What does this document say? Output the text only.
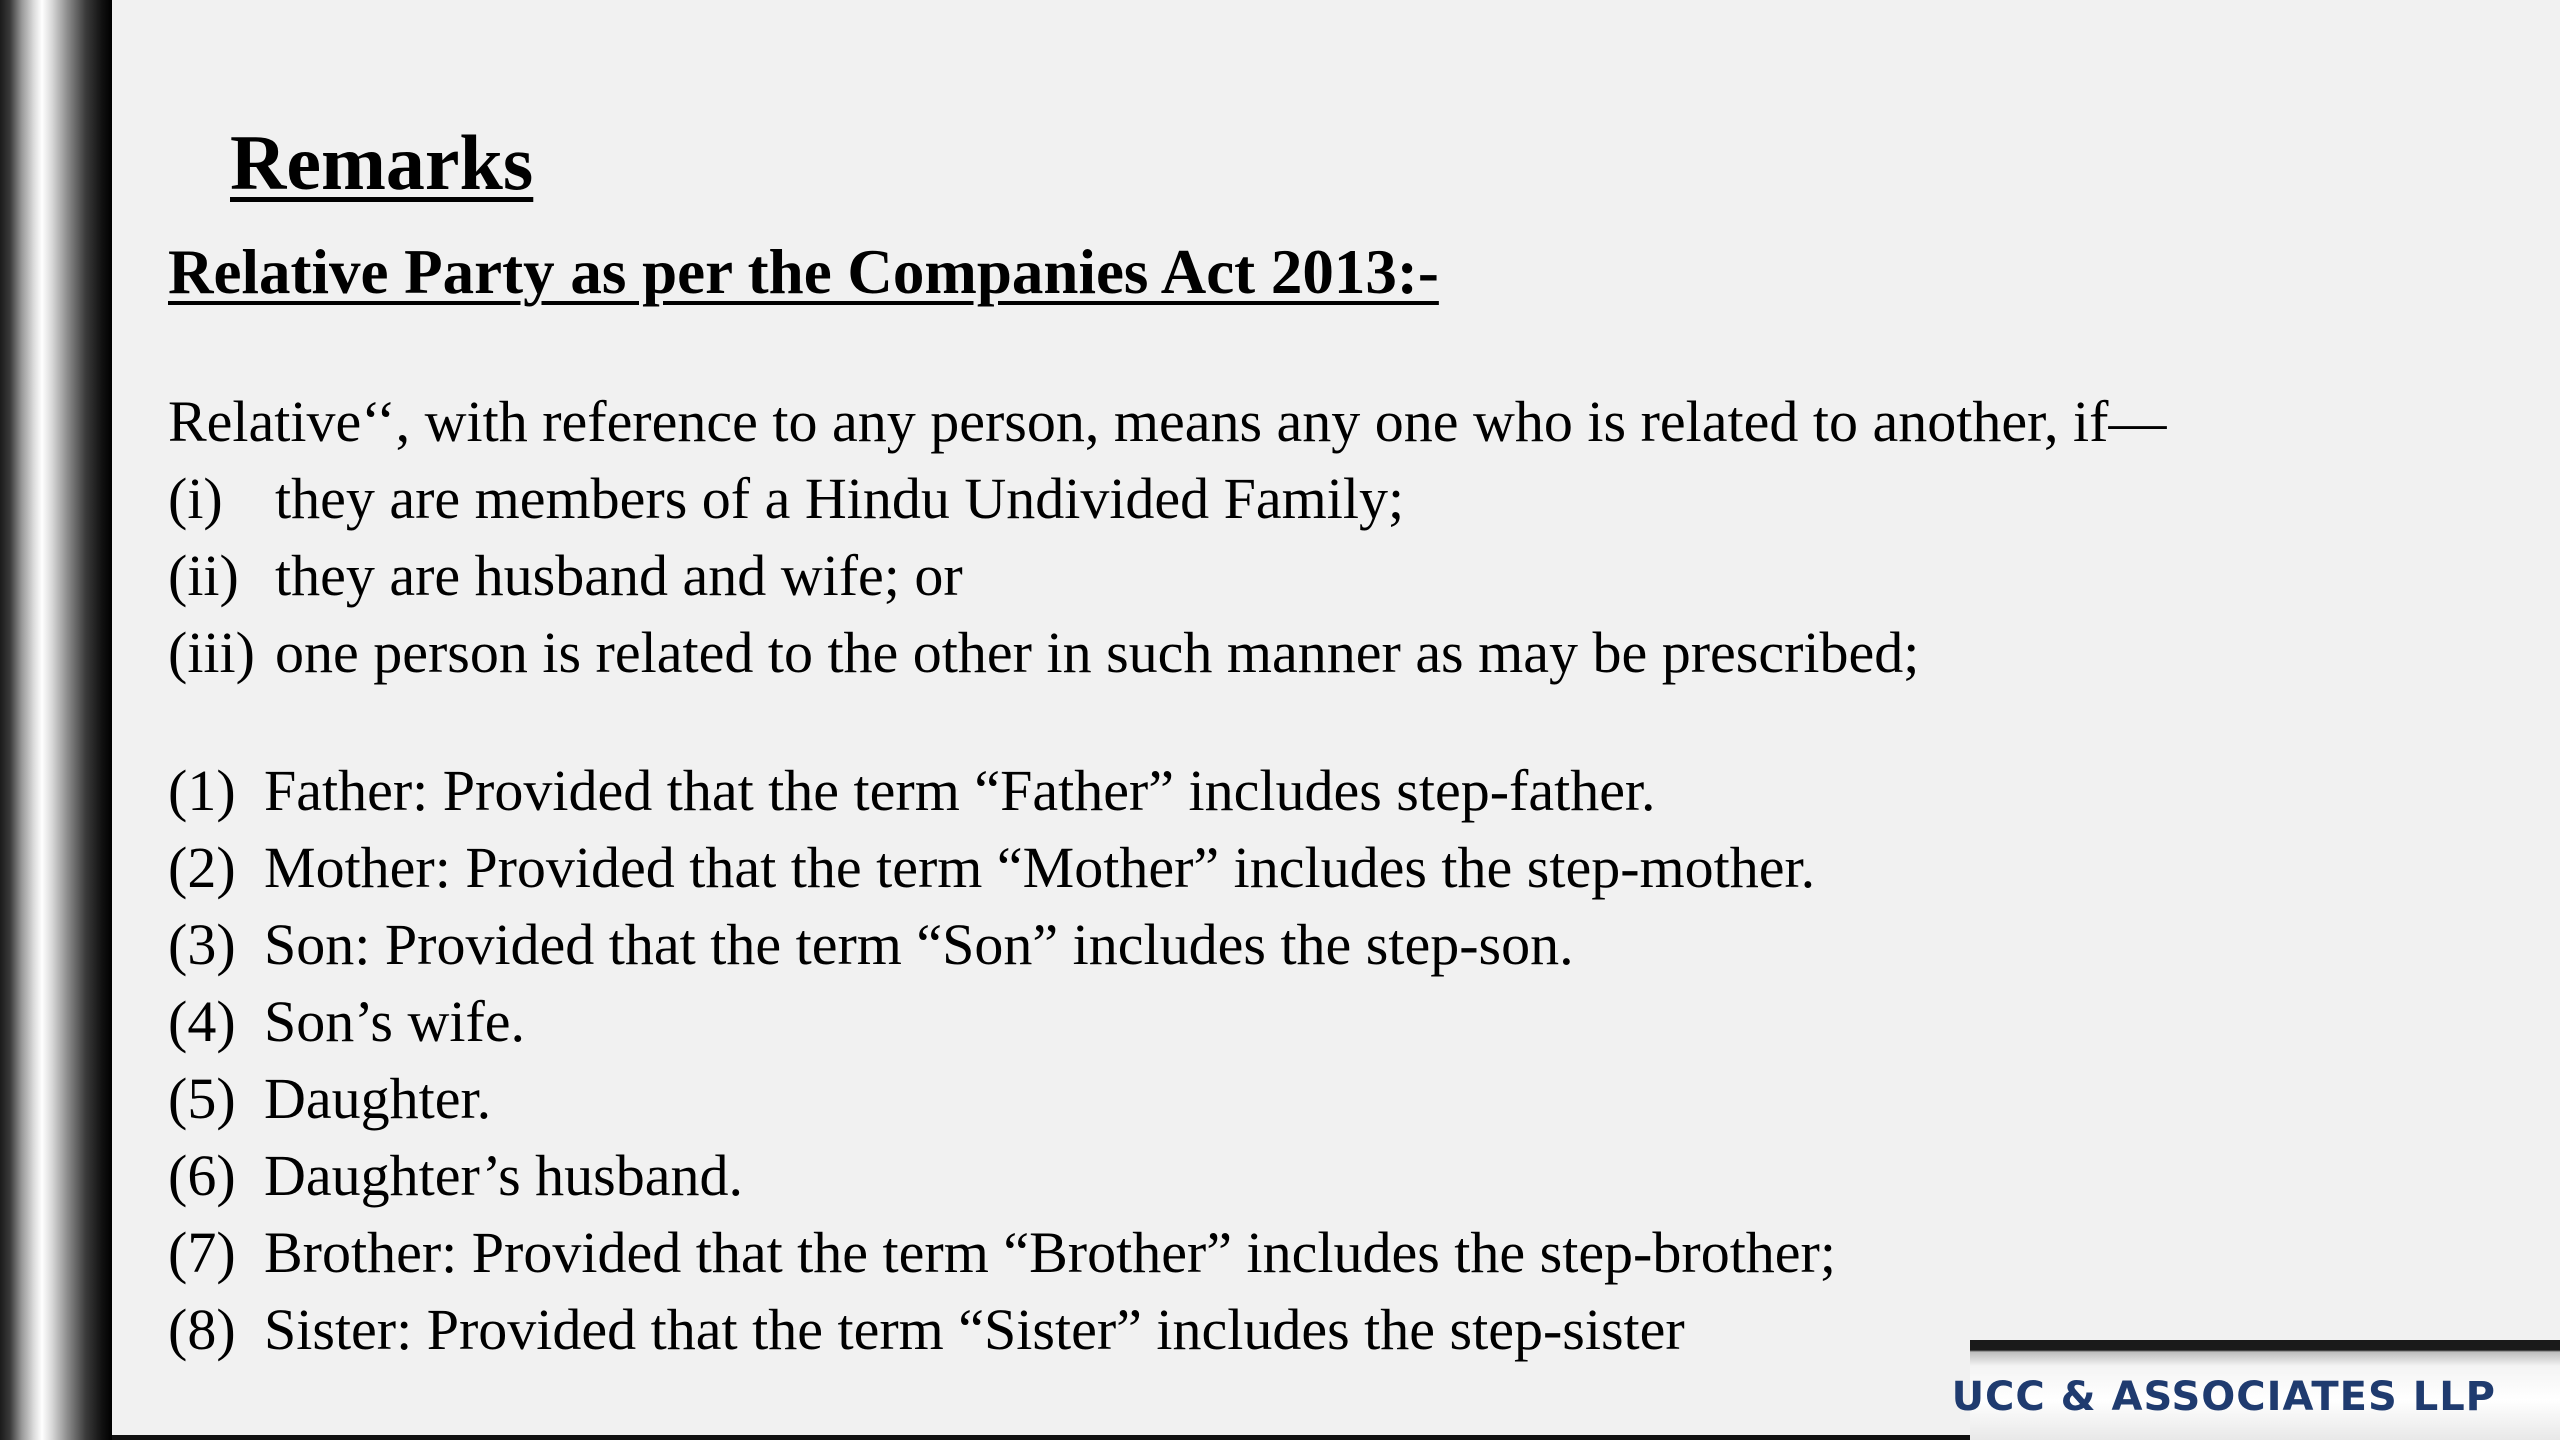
Remarks
Relative Party as per the Companies Act 2013:-

Relative‘‘, with reference to any person, means any one who is related to another, if—

(i) they are members of a Hindu Undivided Family;
(ii) they are husband and wife; or
(iii) one person is related to the other in such manner as may be prescribed;
(1) Father: Provided that the term “Father” includes step-father.
(2) Mother: Provided that the term “Mother” includes the step-mother.
(3) Son: Provided that the term “Son” includes the step-son.
(4) Son’s wife.
(5) Daughter.
(6) Daughter’s husband.
(7) Brother: Provided that the term “Brother” includes the step-brother;
(8) Sister: Provided that the term “Sister” includes the step-sister
UCC & ASSOCIATES LLP
